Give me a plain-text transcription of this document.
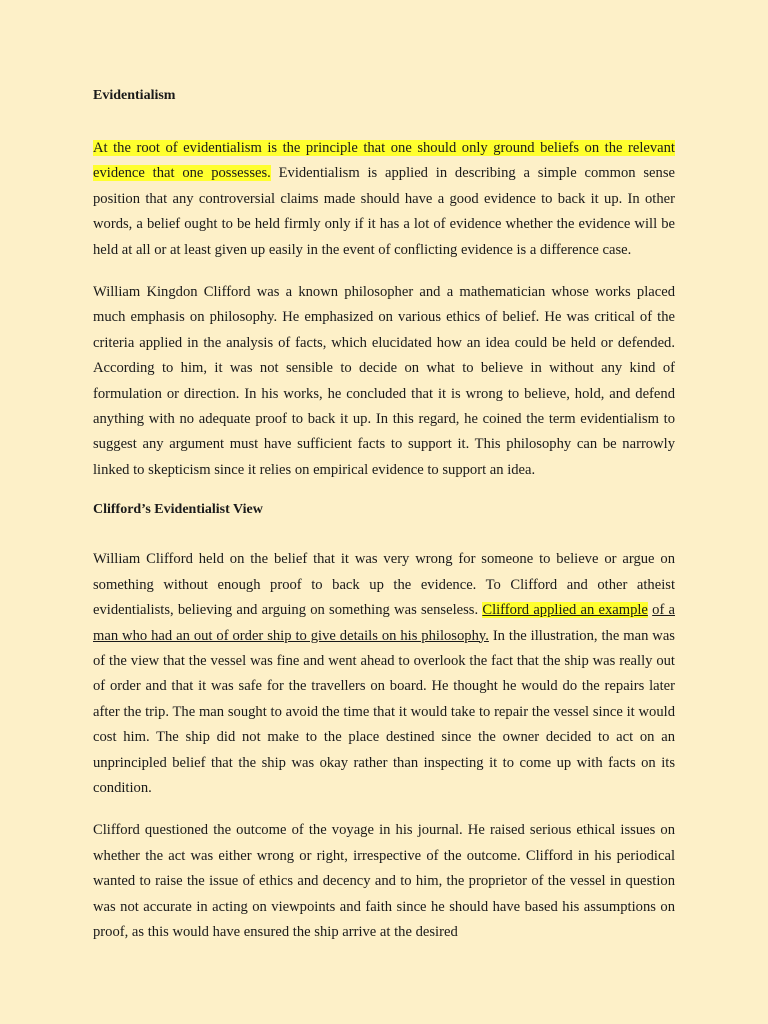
Evidentialism

At the root of evidentialism is the principle that one should only ground beliefs on the relevant evidence that one possesses. Evidentialism is applied in describing a simple common sense position that any controversial claims made should have a good evidence to back it up. In other words, a belief ought to be held firmly only if it has a lot of evidence whether the evidence will be held at all or at least given up easily in the event of conflicting evidence is a difference case.

William Kingdon Clifford was a known philosopher and a mathematician whose works placed much emphasis on philosophy. He emphasized on various ethics of belief. He was critical of the criteria applied in the analysis of facts, which elucidated how an idea could be held or defended. According to him, it was not sensible to decide on what to believe in without any kind of formulation or direction. In his works, he concluded that it is wrong to believe, hold, and defend anything with no adequate proof to back it up. In this regard, he coined the term evidentialism to suggest any argument must have sufficient facts to support it. This philosophy can be narrowly linked to skepticism since it relies on empirical evidence to support an idea.

Clifford’s Evidentialist View

William Clifford held on the belief that it was very wrong for someone to believe or argue on something without enough proof to back up the evidence. To Clifford and other atheist evidentialists, believing and arguing on something was senseless. Clifford applied an example of a man who had an out of order ship to give details on his philosophy. In the illustration, the man was of the view that the vessel was fine and went ahead to overlook the fact that the ship was really out of order and that it was safe for the travellers on board. He thought he would do the repairs later after the trip. The man sought to avoid the time that it would take to repair the vessel since it would cost him. The ship did not make to the place destined since the owner decided to act on an unprincipled belief that the ship was okay rather than inspecting it to come up with facts on its condition.

Clifford questioned the outcome of the voyage in his journal. He raised serious ethical issues on whether the act was either wrong or right, irrespective of the outcome. Clifford in his periodical wanted to raise the issue of ethics and decency and to him, the proprietor of the vessel in question was not accurate in acting on viewpoints and faith since he should have based his assumptions on proof, as this would have ensured the ship arrive at the desired
